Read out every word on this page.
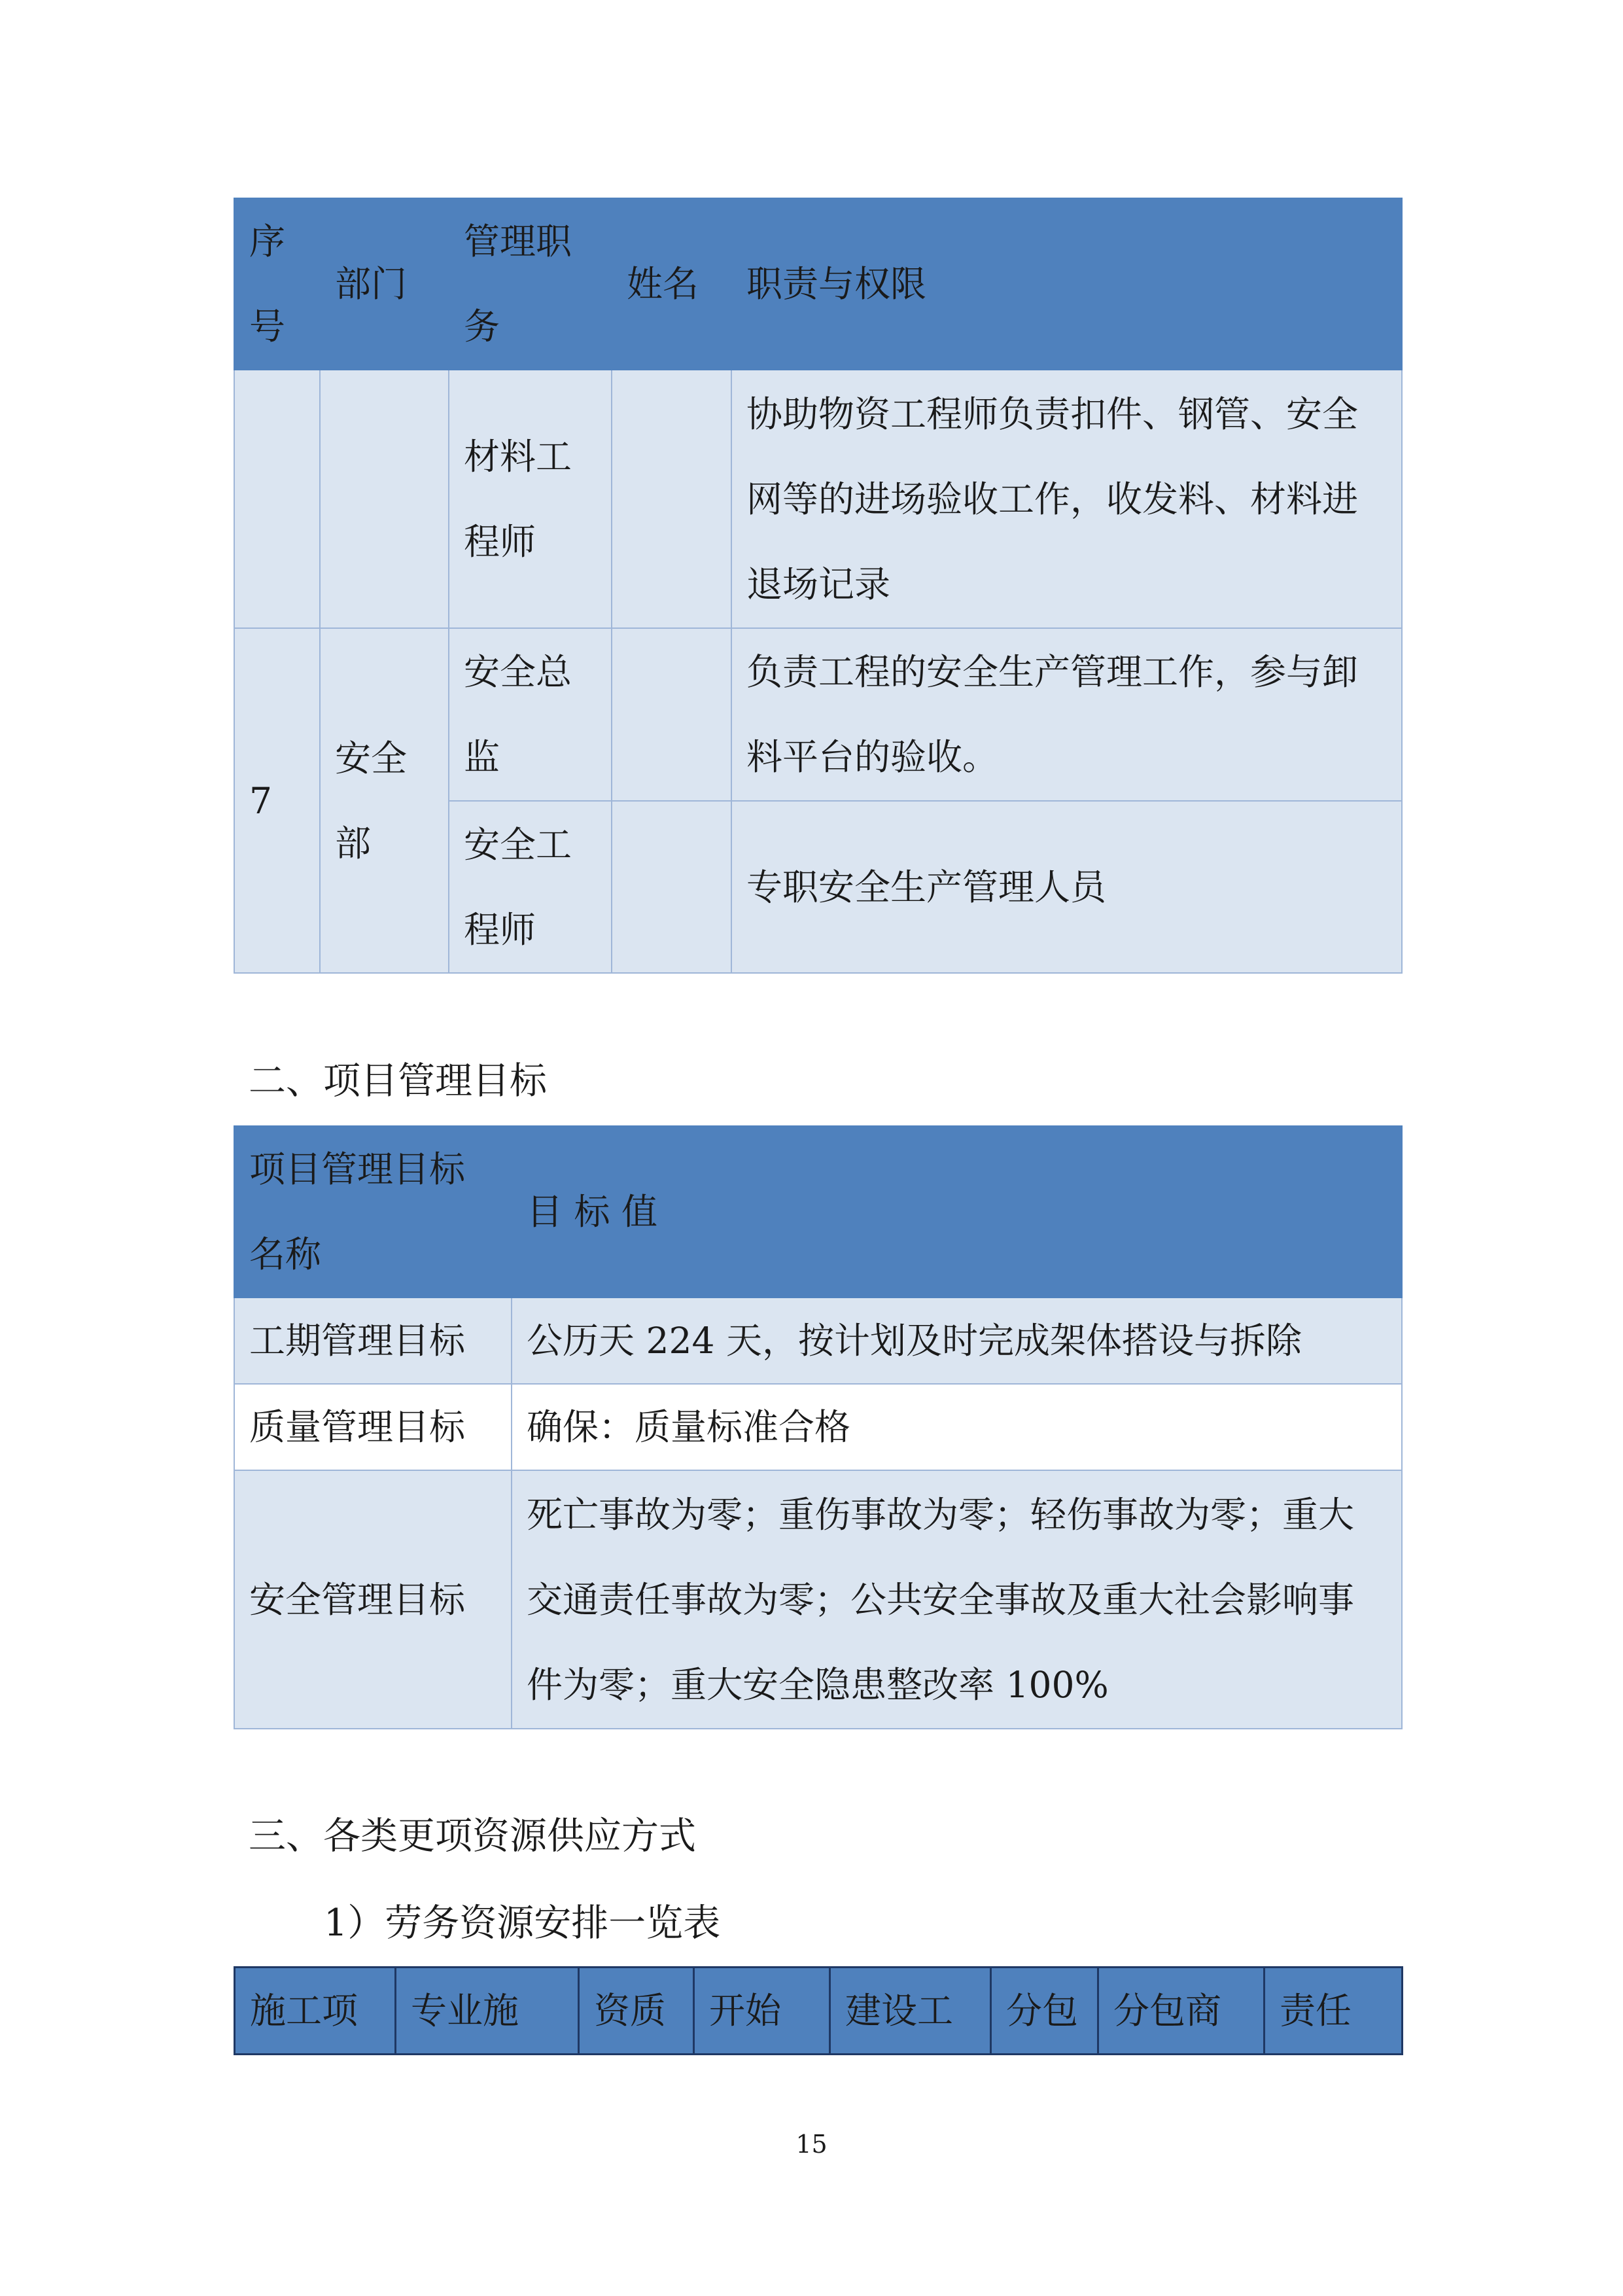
序号	部门	管理职务	姓名	职责与权限
		材料工程师		协助物资工程师负责扣件、钢管、安全网等的进场验收工作，收发料、材料进退场记录
7	安全部	安全总监		负责工程的安全生产管理工作，参与卸料平台的验收。
		安全工程师		专职安全生产管理人员
二、项目管理目标
项目管理目标名称	目 标 值
工期管理目标	公历天 224 天，按计划及时完成架体搭设与拆除
质量管理目标	确保：质量标准合格
安全管理目标	死亡事故为零；重伤事故为零；轻伤事故为零；重大交通责任事故为零；公共安全事故及重大社会影响事件为零；重大安全隐患整改率 100%
三、各类更项资源供应方式
1）劳务资源安排一览表
施工项	专业施	资质	开始	建设工	分包	分包商	责任
15
